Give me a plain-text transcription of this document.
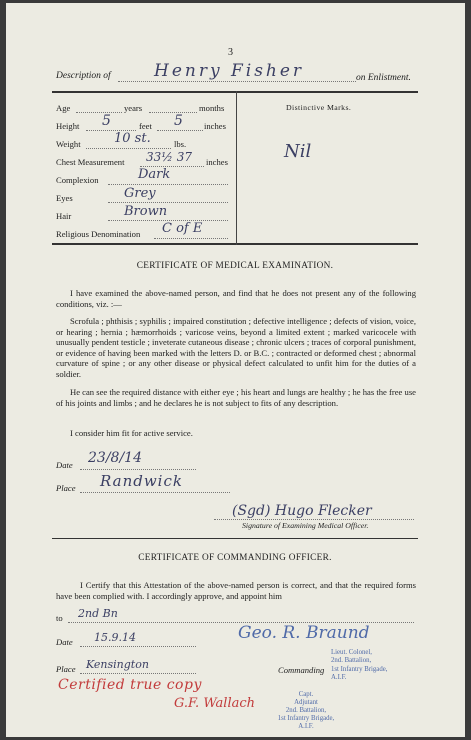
3
Description of	Henry Fisher	on Enlistment.
Age	years	months
Height 5	feet 5 inches
Weight	10 st.	lbs.
Chest Measurement 33½ 37 inches
Complexion	Dark
Eyes	Grey
Hair	Brown
Religious Denomination C of E
Distinctive Marks.
Nil
CERTIFICATE OF MEDICAL EXAMINATION.
I have examined the above-named person, and find that he does not present any of the following conditions, viz. :—
Scrofula ; phthisis ; syphilis ; impaired constitution ; defective intelligence ; defects of vision, voice, or hearing ; hernia ; hæmorrhoids ; varicose veins, beyond a limited extent ; marked varicocele with unusually pendent testicle ; inveterate cutaneous disease ; chronic ulcers ; traces of corporal punishment, or evidence of having been marked with the letters D. or B.C. ; contracted or deformed chest ; abnormal curvature of spine ; or any other disease or physical defect calculated to unfit him for the duties of a soldier.
He can see the required distance with either eye ; his heart and lungs are healthy ; he has the free use of his joints and limbs ; and he declares he is not subject to fits of any description.
I consider him fit for active service.
Date 23/8/14
Place Randwick
(Sgd) Hugo Flecker
Signature of Examining Medical Officer.
CERTIFICATE OF COMMANDING OFFICER.
I Certify that this Attestation of the above-named person is correct, and that the required forms have been complied with. I accordingly approve, and appoint him
to 2nd Bn
Date 15.9.14	Geo. R. Braund
Place Kensington	Commanding
Lieut. Colonel,
2nd. Battalion,
1st Infantry Brigade,
A.I.F.
Certified true copy
G.F. Wallach
Capt.
Adjutant
2nd. Battalion,
1st Infantry Brigade,
A.I.F.
